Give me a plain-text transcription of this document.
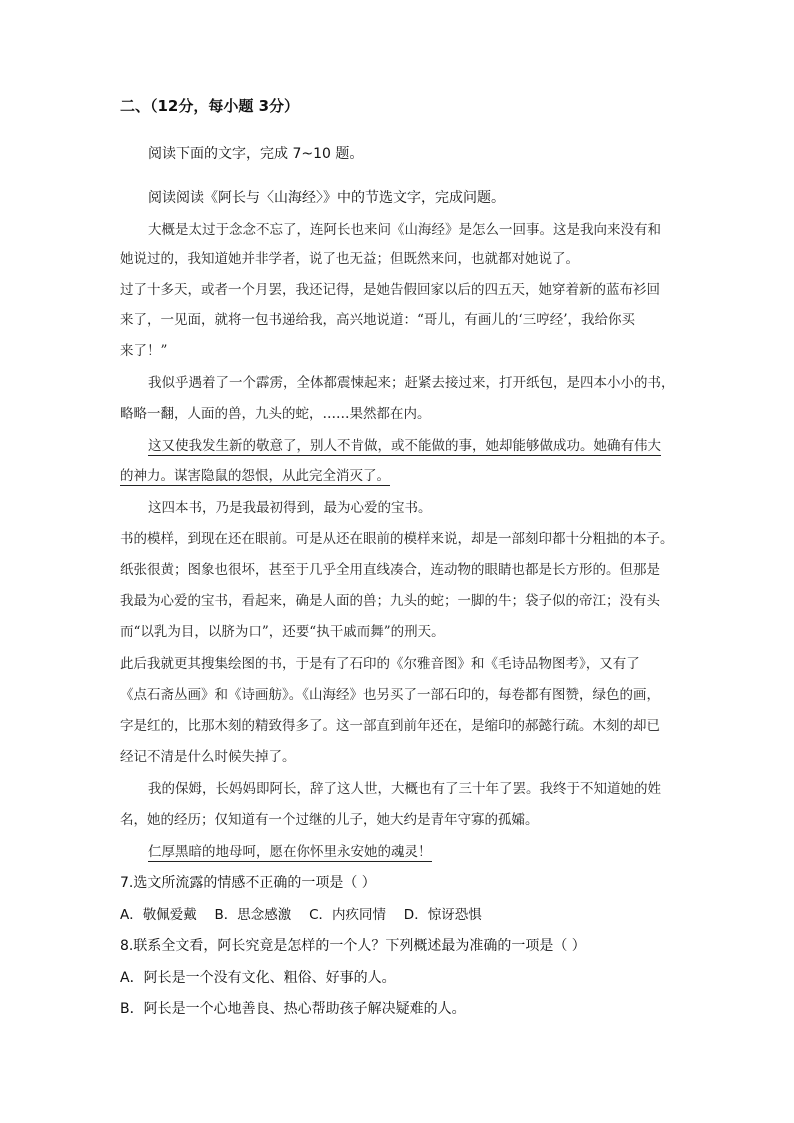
二、（12分，每小题 3分）
阅读下面的文字，完成 7~10 题。
阅读阅读《阿长与〈山海经〉》中的节选文字，完成问题。
大概是太过于念念不忘了，连阿长也来问《山海经》是怎么一回事。这是我向来没有和
她说过的，我知道她并非学者，说了也无益；但既然来问，也就都对她说了。
过了十多天，或者一个月罢，我还记得，是她告假回家以后的四五天，她穿着新的蓝布衫回
来了，一见面，就将一包书递给我，高兴地说道：“哥儿，有画儿的‘三哼经’，我给你买
来了！”
我似乎遇着了一个霹雳，全体都震悚起来；赶紧去接过来，打开纸包，是四本小小的书，
略略一翻，人面的兽，九头的蛇，……果然都在内。
这又使我发生新的敬意了，别人不肯做，或不能做的事，她却能够做成功。她确有伟大
的神力。谋害隐鼠的怨恨，从此完全消灭了。
这四本书，乃是我最初得到，最为心爱的宝书。
书的模样，到现在还在眼前。可是从还在眼前的模样来说，却是一部刻印都十分粗拙的本子。
纸张很黄；图象也很坏，甚至于几乎全用直线凑合，连动物的眼睛也都是长方形的。但那是
我最为心爱的宝书，看起来，确是人面的兽；九头的蛇；一脚的牛；袋子似的帝江；没有头
而“以乳为目，以脐为口”，还要“执干戚而舞”的刑天。
此后我就更其搜集绘图的书，于是有了石印的《尔雅音图》和《毛诗品物图考》，又有了
《点石斋丛画》和《诗画舫》。《山海经》也另买了一部石印的，每卷都有图赞，绿色的画，
字是红的，比那木刻的精致得多了。这一部直到前年还在，是缩印的郝懿行疏。木刻的却已
经记不清是什么时候失掉了。
我的保姆，长妈妈即阿长，辞了这人世，大概也有了三十年了罢。我终于不知道她的姓
名，她的经历；仅知道有一个过继的儿子，她大约是青年守寡的孤孀。
仁厚黑暗的地母呵，愿在你怀里永安她的魂灵！
7.选文所流露的情感不正确的一项是（ ）
A．敬佩爱戴　 B．思念感激　 C．内疚同情　 D．惊讶恐惧
8.联系全文看，阿长究竟是怎样的一个人？下列概述最为准确的一项是（ ）
A．阿长是一个没有文化、粗俗、好事的人。
B．阿长是一个心地善良、热心帮助孩子解决疑难的人。
